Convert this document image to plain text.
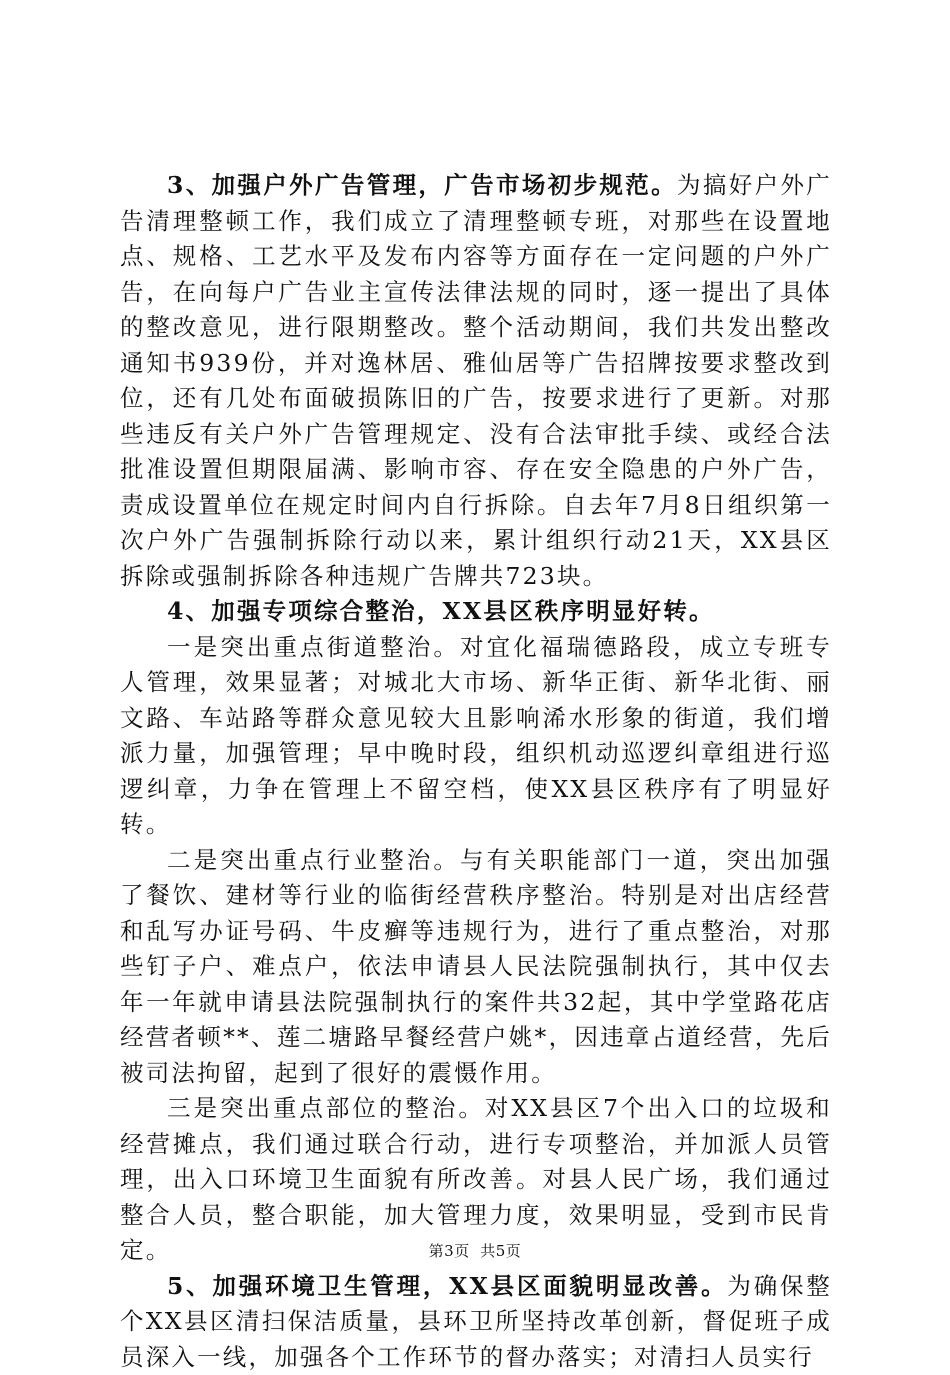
3、加强户外广告管理，广告市场初步规范。为搞好户外广告清理整顿工作，我们成立了清理整顿专班，对那些在设置地点、规格、工艺水平及发布内容等方面存在一定问题的户外广告，在向每户广告业主宣传法律法规的同时，逐一提出了具体的整改意见，进行限期整改。整个活动期间，我们共发出整改通知书939份，并对逸林居、雅仙居等广告招牌按要求整改到位，还有几处布面破损陈旧的广告，按要求进行了更新。对那些违反有关户外广告管理规定、没有合法审批手续、或经合法批准设置但期限届满、影响市容、存在安全隐患的户外广告，责成设置单位在规定时间内自行拆除。自去年7月8日组织第一次户外广告强制拆除行动以来，累计组织行动21天，XX县区拆除或强制拆除各种违规广告牌共723块。

4、加强专项综合整治，XX县区秩序明显好转。

一是突出重点街道整治。对宜化福瑞德路段，成立专班专人管理，效果显著；对城北大市场、新华正街、新华北街、丽文路、车站路等群众意见较大且影响浠水形象的街道，我们增派力量，加强管理；早中晚时段，组织机动巡逻纠章组进行巡逻纠章，力争在管理上不留空档，使XX县区秩序有了明显好转。

二是突出重点行业整治。与有关职能部门一道，突出加强了餐饮、建材等行业的临街经营秩序整治。特别是对出店经营和乱写办证号码、牛皮癣等违规行为，进行了重点整治，对那些钉子户、难点户，依法申请县人民法院强制执行，其中仅去年一年就申请县法院强制执行的案件共32起，其中学堂路花店经营者顿**、莲二塘路早餐经营户姚*，因违章占道经营，先后被司法拘留，起到了很好的震慑作用。

三是突出重点部位的整治。对XX县区7个出入口的垃圾和经营摊点，我们通过联合行动，进行专项整治，并加派人员管理，出入口环境卫生面貌有所改善。对县人民广场，我们通过整合人员，整合职能，加大管理力度，效果明显，受到市民肯定。

5、加强环境卫生管理，XX县区面貌明显改善。为确保整个XX县区清扫保洁质量，县环卫所坚持改革创新，督促班子成员深入一线，加强各个工作环节的督办落实；对清扫人员实行

第3页 共5页
